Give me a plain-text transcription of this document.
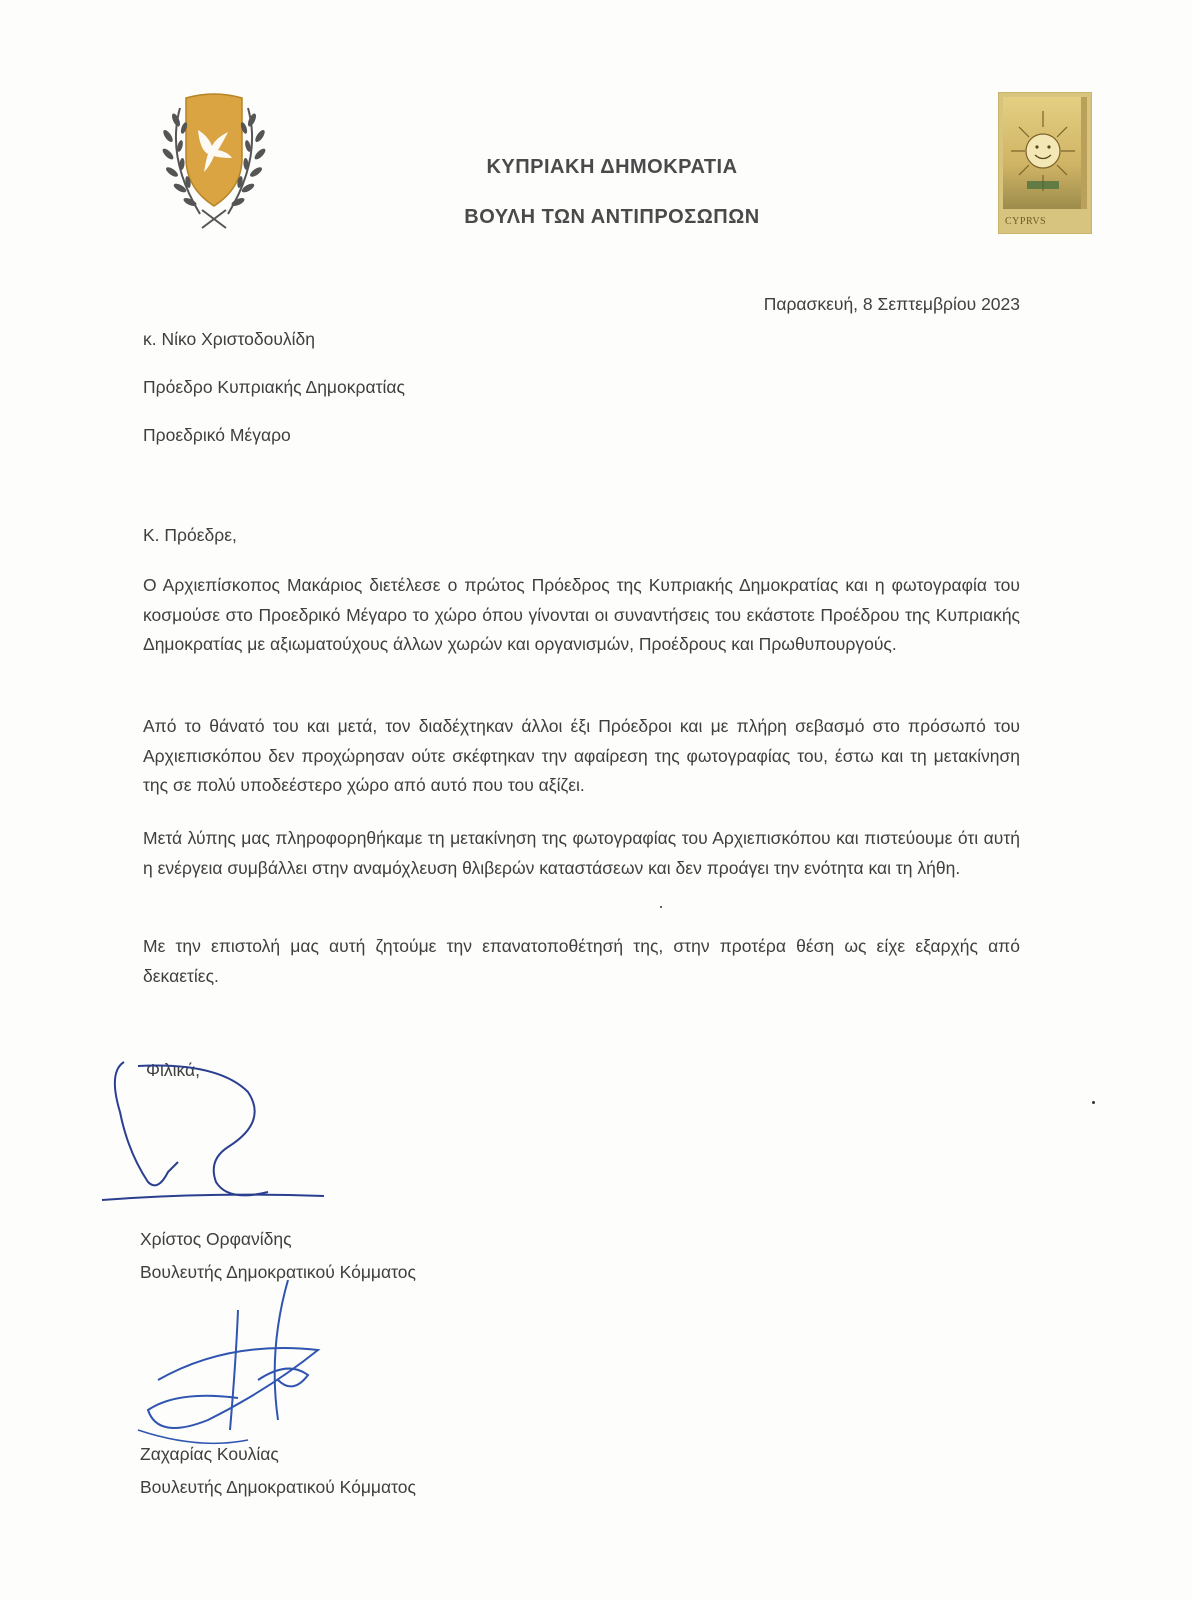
ΚΥΠΡΙΑΚΗ ΔΗΜΟΚΡΑΤΙΑ
ΒΟΥΛΗ ΤΩΝ ΑΝΤΙΠΡΟΣΩΠΩΝ	CYPRVS
Παρασκευή, 8 Σεπτεμβρίου 2023
κ. Νίκο Χριστοδουλίδη
Πρόεδρο Κυπριακής Δημοκρατίας
Προεδρικό Μέγαρο
Κ. Πρόεδρε,
Ο Αρχιεπίσκοπος Μακάριος διετέλεσε ο πρώτος Πρόεδρος της Κυπριακής Δημοκρατίας και η φωτογραφία του κοσμούσε στο Προεδρικό Μέγαρο το χώρο όπου γίνονται οι συναντήσεις του εκάστοτε Προέδρου της Κυπριακής Δημοκρατίας με αξιωματούχους άλλων χωρών και οργανισμών, Προέδρους και Πρωθυπουργούς.
Από το θάνατό του και μετά, τον διαδέχτηκαν άλλοι έξι Πρόεδροι και με πλήρη σεβασμό στο πρόσωπό του Αρχιεπισκόπου δεν προχώρησαν ούτε σκέφτηκαν την αφαίρεση της φωτογραφίας του, έστω και τη μετακίνηση της σε πολύ υποδεέστερο χώρο από αυτό που του αξίζει.
Μετά λύπης μας πληροφορηθήκαμε τη μετακίνηση της φωτογραφίας του Αρχιεπισκόπου και πιστεύουμε ότι αυτή η ενέργεια συμβάλλει στην αναμόχλευση θλιβερών καταστάσεων και δεν προάγει την ενότητα και τη λήθη.
Με την επιστολή μας αυτή ζητούμε την επανατοποθέτησή της, στην προτέρα θέση ως είχε εξαρχής από δεκαετίες.
Φιλικά,
Χρίστος Ορφανίδης
Βουλευτής Δημοκρατικού Κόμματος
Ζαχαρίας Κουλίας
Βουλευτής Δημοκρατικού Κόμματος
